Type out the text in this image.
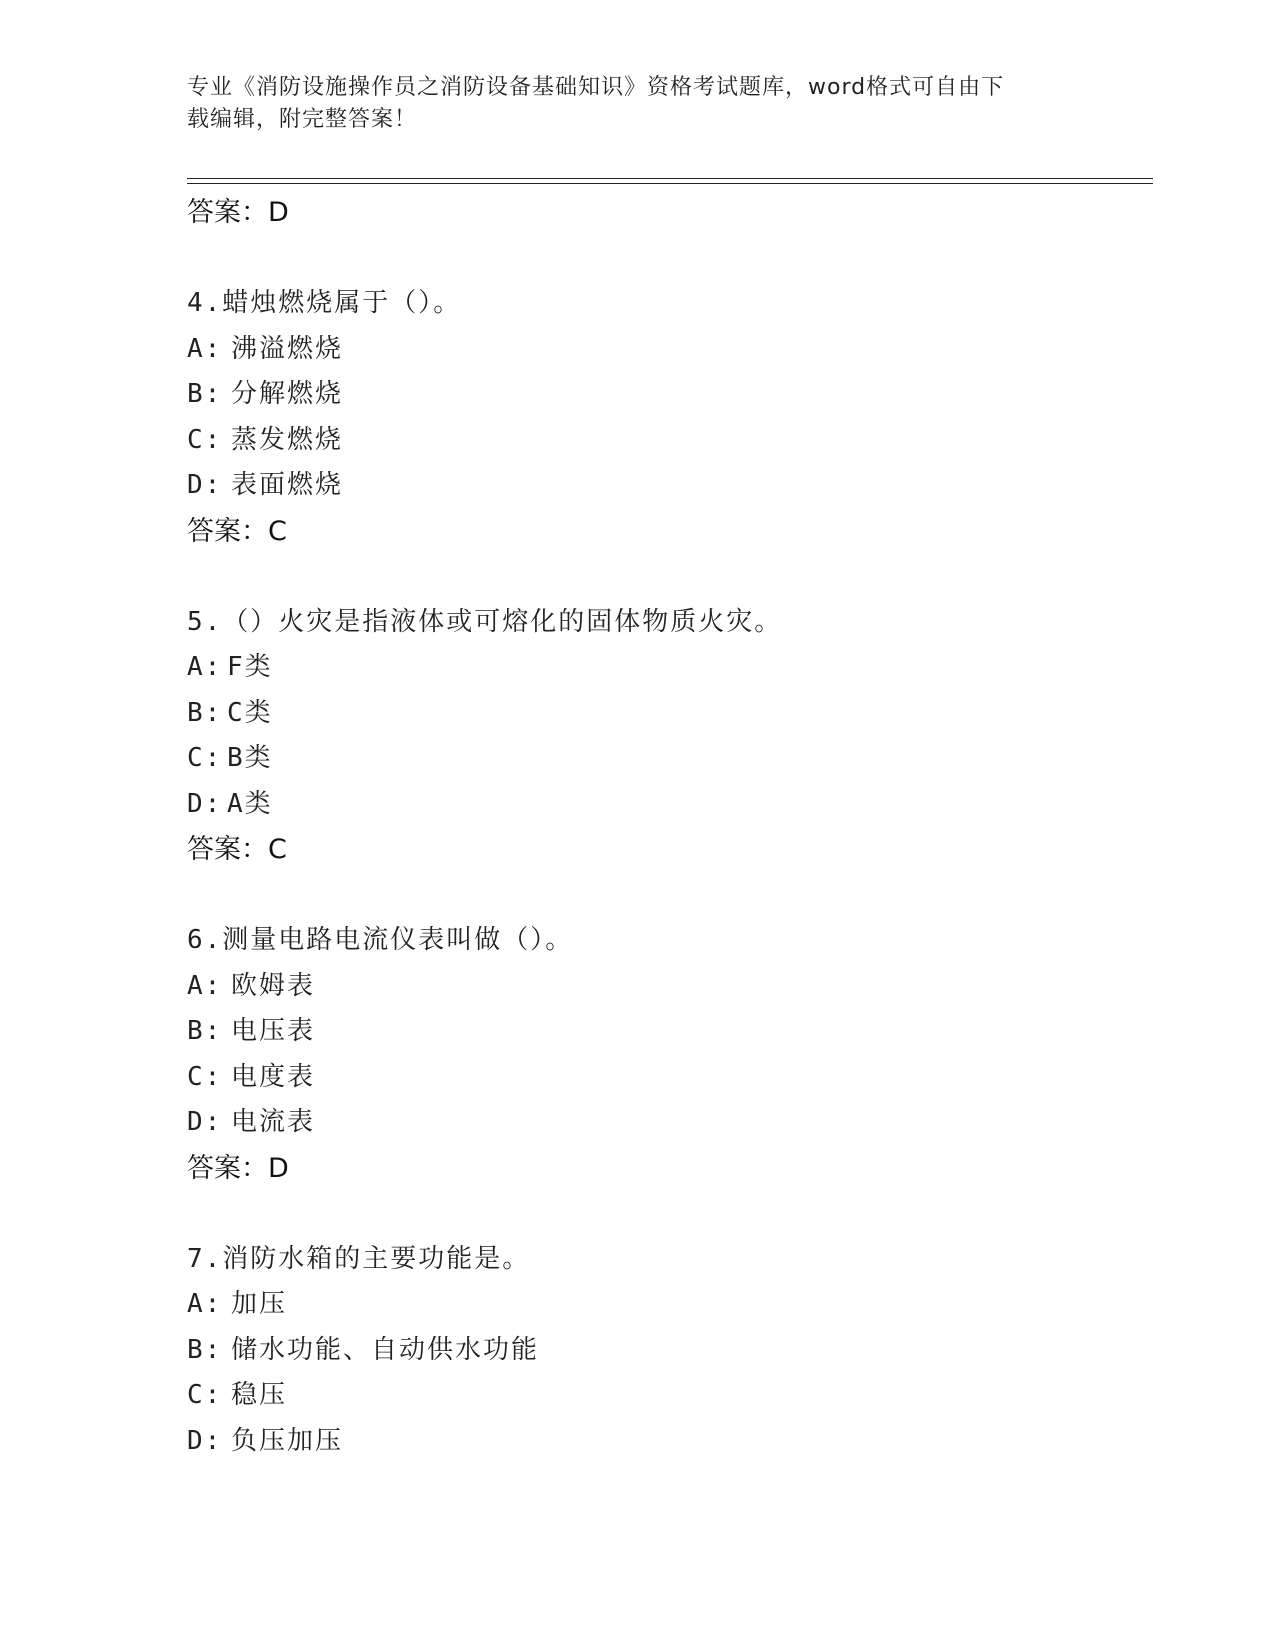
专业《消防设施操作员之消防设备基础知识》资格考试题库，word格式可自由下
载编辑，附完整答案！
答案：D
4.蜡烛燃烧属于（）。
A: 沸溢燃烧
B: 分解燃烧
C: 蒸发燃烧
D: 表面燃烧
答案：C
5.（）火灾是指液体或可熔化的固体物质火灾。
A: F类
B: C类
C: B类
D: A类
答案：C
6.测量电路电流仪表叫做（）。
A: 欧姆表
B: 电压表
C: 电度表
D: 电流表
答案：D
7.消防水箱的主要功能是。
A: 加压
B: 储水功能、自动供水功能
C: 稳压
D: 负压加压
